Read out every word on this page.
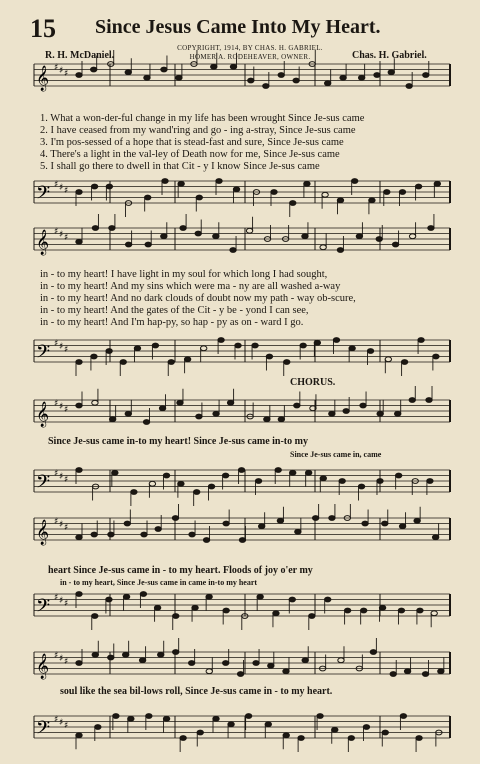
15 Since Jesus Came Into My Heart.
COPYRIGHT, 1914, BY CHAS. H. GABRIEL.
HOMER A. RODEHEAVER, OWNER.
R. H. McDaniel.	Chas. H. Gabriel.
𝄞 ♯ ♯ ♯
𝄢 ♯ ♯ ♯
𝄞 ♯ ♯ ♯
𝄢 ♯ ♯ ♯
𝄞 ♯ ♯ ♯
𝄢 ♯ ♯ ♯
𝄞 ♯ ♯ ♯
𝄢 ♯ ♯ ♯
𝄞 ♯ ♯ ♯
𝄢 ♯ ♯ ♯
1. What a won-der-ful change in my life has been wrought Since Je-sus came
2. I have ceased from my wand'ring and go - ing a-stray, Since Je-sus came
3. I'm pos-sessed of a hope that is stead-fast and sure, Since Je-sus came
4. There's a light in the val-ley of Death now for me, Since Je-sus came
5. I shall go there to dwell in that Cit - y I know Since Je-sus came
in - to my heart! I have light in my soul for which long I had sought,
in - to my heart! And my sins which were ma - ny are all washed a-way
in - to my heart! And no dark clouds of doubt now my path - way ob-scure,
in - to my heart! And the gates of the Cit - y be - yond I can see,
in - to my heart! And I'm hap-py, so hap - py as on - ward I go.
CHORUS.
Since Je-sus came in-to my heart! Since Je-sus came in-to my
Since Je-sus came in, came
heart Since Je-sus came in - to my heart. Floods of joy o'er my
in - to my heart, Since Je-sus came in came in-to my heart
soul like the sea bil-lows roll, Since Je-sus came in - to my heart.
